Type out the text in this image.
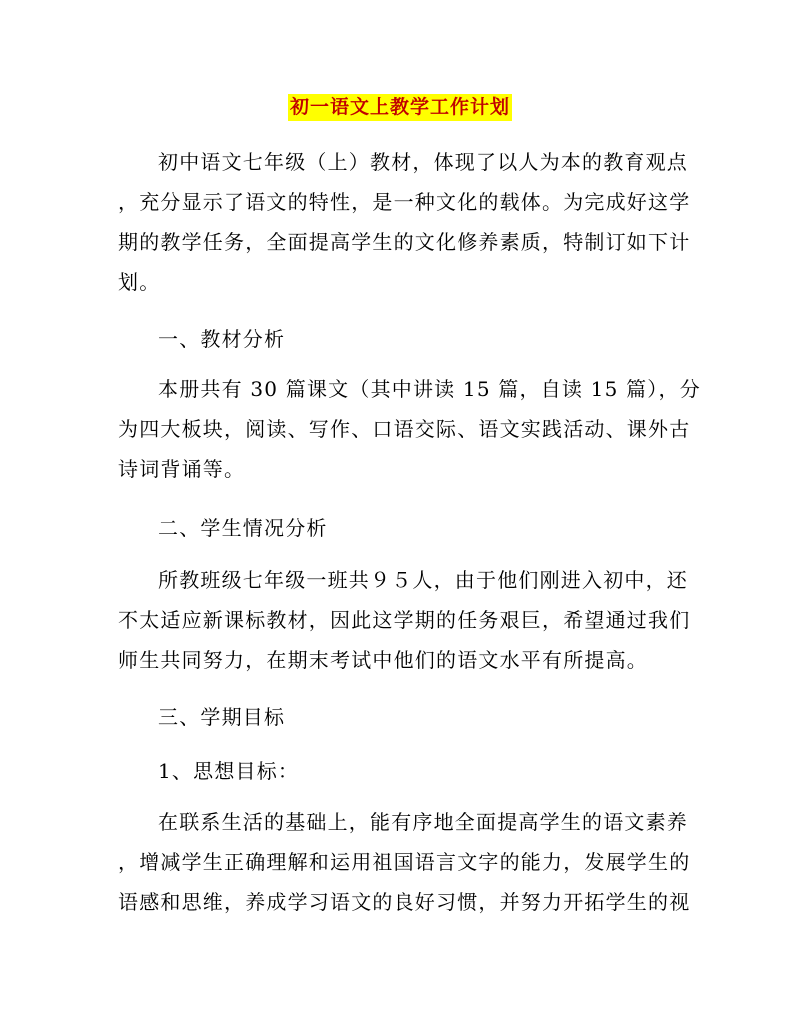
初一语文上教学工作计划
初中语文七年级（上）教材，体现了以人为本的教育观点
，充分显示了语文的特性，是一种文化的载体。为完成好这学
期的教学任务，全面提高学生的文化修养素质，特制订如下计
划。
一、教材分析
本册共有 30 篇课文（其中讲读 15 篇，自读 15 篇），分
为四大板块，阅读、写作、口语交际、语文实践活动、课外古
诗词背诵等。
二、学生情况分析
所教班级七年级一班共９５人，由于他们刚进入初中，还
不太适应新课标教材，因此这学期的任务艰巨，希望通过我们
师生共同努力，在期末考试中他们的语文水平有所提高。
三、学期目标
1、思想目标：
在联系生活的基础上，能有序地全面提高学生的语文素养
，增减学生正确理解和运用祖国语言文字的能力，发展学生的
语感和思维，养成学习语文的良好习惯，并努力开拓学生的视
